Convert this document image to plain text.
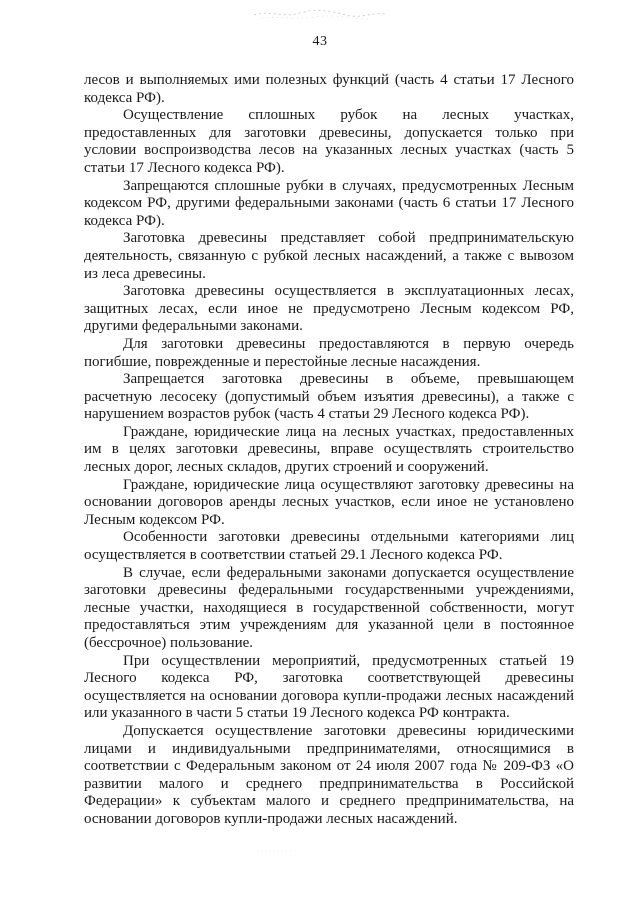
43

лесов и выполняемых ими полезных функций (часть 4 статьи 17 Лесного кодекса РФ).

Осуществление сплошных рубок на лесных участках, предоставленных для заготовки древесины, допускается только при условии воспроизводства лесов на указанных лесных участках (часть 5 статьи 17 Лесного кодекса РФ).

Запрещаются сплошные рубки в случаях, предусмотренных Лесным кодексом РФ, другими федеральными законами (часть 6 статьи 17 Лесного кодекса РФ).

Заготовка древесины представляет собой предпринимательскую деятельность, связанную с рубкой лесных насаждений, а также с вывозом из леса древесины.

Заготовка древесины осуществляется в эксплуатационных лесах, защитных лесах, если иное не предусмотрено Лесным кодексом РФ, другими федеральными законами.

Для заготовки древесины предоставляются в первую очередь погибшие, поврежденные и перестойные лесные насаждения.

Запрещается заготовка древесины в объеме, превышающем расчетную лесосеку (допустимый объем изъятия древесины), а также с нарушением возрастов рубок (часть 4 статьи 29 Лесного кодекса РФ).

Граждане, юридические лица на лесных участках, предоставленных им в целях заготовки древесины, вправе осуществлять строительство лесных дорог, лесных складов, других строений и сооружений.

Граждане, юридические лица осуществляют заготовку древесины на основании договоров аренды лесных участков, если иное не установлено Лесным кодексом РФ.

Особенности заготовки древесины отдельными категориями лиц осуществляется в соответствии статьей 29.1 Лесного кодекса РФ.

В случае, если федеральными законами допускается осуществление заготовки древесины федеральными государственными учреждениями, лесные участки, находящиеся в государственной собственности, могут предоставляться этим учреждениям для указанной цели в постоянное (бессрочное) пользование.

При осуществлении мероприятий, предусмотренных статьей 19 Лесного кодекса РФ, заготовка соответствующей древесины осуществляется на основании договора купли-продажи лесных насаждений или указанного в части 5 статьи 19 Лесного кодекса РФ контракта.

Допускается осуществление заготовки древесины юридическими лицами и индивидуальными предпринимателями, относящимися в соответствии с Федеральным законом от 24 июля 2007 года № 209-ФЗ «О развитии малого и среднего предпринимательства в Российской Федерации» к субъектам малого и среднего предпринимательства, на основании договоров купли-продажи лесных насаждений.
